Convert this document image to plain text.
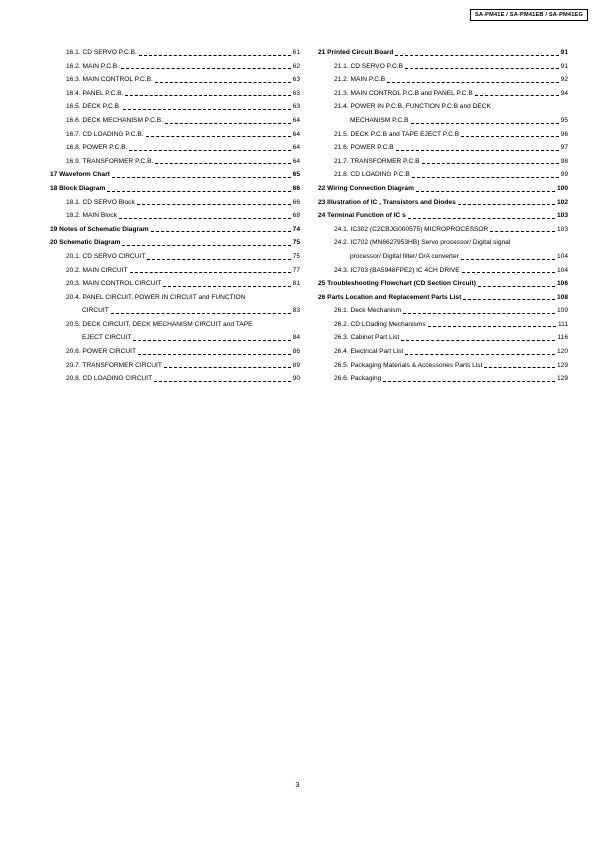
SA-PM41E / SA-PM41EB / SA-PM41EG
16.1. CD SERVO P.C.B.	61
16.2. MAIN P.C.B.	62
16.3. MAIN CONTROL P.C.B.	63
16.4. PANEL P.C.B.	63
16.5. DECK P.C.B.	63
16.6. DECK MECHANISM P.C.B.	64
16.7. CD LOADING P.C.B.	64
16.8. POWER P.C.B.	64
16.9. TRANSFORMER P.C.B.	64
17 Waveform Chart	65
18 Block Diagram	66
18.1. CD SERVO Block	66
18.2. MAIN Block	68
19 Notes of Schematic Diagram	74
20 Schematic Diagram	75
20.1. CD SERVO CIRCUIT	75
20.2. MAIN CIRCUIT	77
20.3. MAIN CONTROL CIRCUIT	81
20.4. PANEL CIRCUIT, POWER IN CIRCUIT and FUNCTION
CIRCUIT	83
20.5. DECK CIRCUIT, DECK MECHANISM CIRCUIT and TAPE
EJECT CIRCUIT	84
20.6. POWER CIRCUIT	86
20.7. TRANSFORMER CIRCUIT	89
20.8. CD LOADING CIRCUIT	90
21 Printed Circuit Board	91
21.1. CD SERVO P.C.B	91
21.2. MAIN P.C.B	92
21.3. MAIN CONTROL P.C.B and PANEL P.C.B	94
21.4. POWER IN P.C.B, FUNCTION P.C.B and DECK
MECHANISM P.C.B	95
21.5. DECK P.C.B and TAPE EJECT P.C.B	96
21.6. POWER P.C.B	97
21.7. TRANSFORMER P.C.B	98
21.8. CD LOADING P.C.B	99
22 Wiring Connection Diagram	100
23 Illustration of IC , Transistors and Diodes	102
24 Terminal Function of IC s	103
24.1. IC302 (C2CBJG000575) MICROPROCESSOR	103
24.2. IC702 (MN6627953HB) Servo processor/ Digital signal
processor/ Digital filter/ D/A converter	104
24.3. IC703 (BA5948FPE2) IC 4CH DRIVE	104
25 Troubleshooting Flowchart (CD Section Circuit)	106
26 Parts Location and Replacement Parts List	108
26.1. Deck Mechanism	109
26.2. CD LOading Mechanisms	111
26.3. Cabinet Part List	116
26.4. Electrical Part List	120
26.5. Packaging Materials & Accessories Parts List	129
26.6. Packaging	129
3
